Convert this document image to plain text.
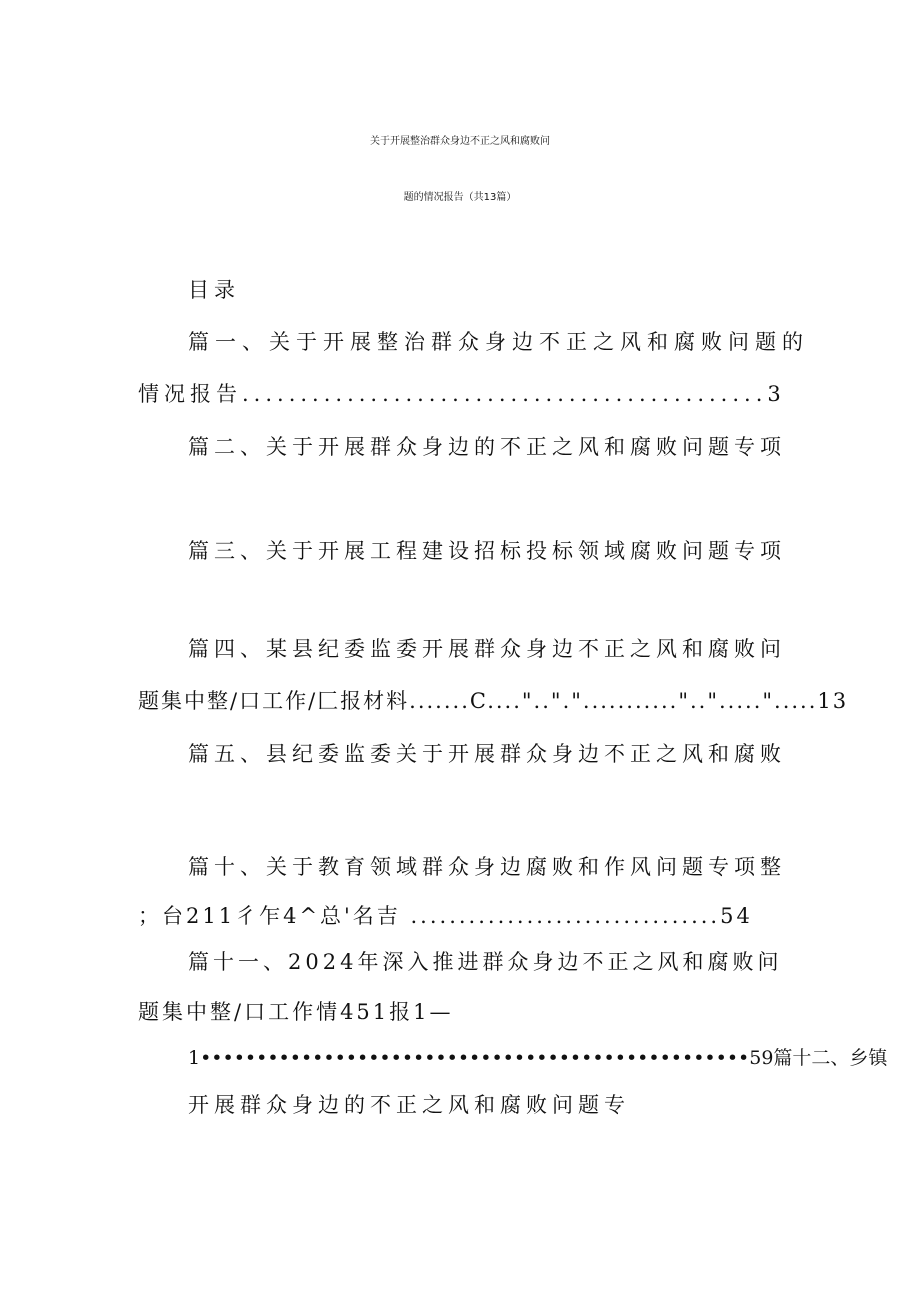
关于开展整治群众身边不正之风和腐败问
题的情况报告（共13篇）
目录
篇一、关于开展整治群众身边不正之风和腐败问题的
情况报告.............................................3
篇二、关于开展群众身边的不正之风和腐败问题专项
篇三、关于开展工程建设招标投标领域腐败问题专项
篇四、某县纪委监委开展群众身边不正之风和腐败问
题集中整/口工作/匚报材料.......C....".."."..........."..".....".....13
篇五、县纪委监委关于开展群众身边不正之风和腐败
篇十、关于教育领域群众身边腐败和作风问题专项整
；台211彳乍4^总'名吉 ................................54
篇十一、2024年深入推进群众身边不正之风和腐败问
题集中整/口工作情451报1—
1•••••••••••••••••••••••••••••••••••••••••••••••••59篇十二、乡镇
开展群众身边的不正之风和腐败问题专
